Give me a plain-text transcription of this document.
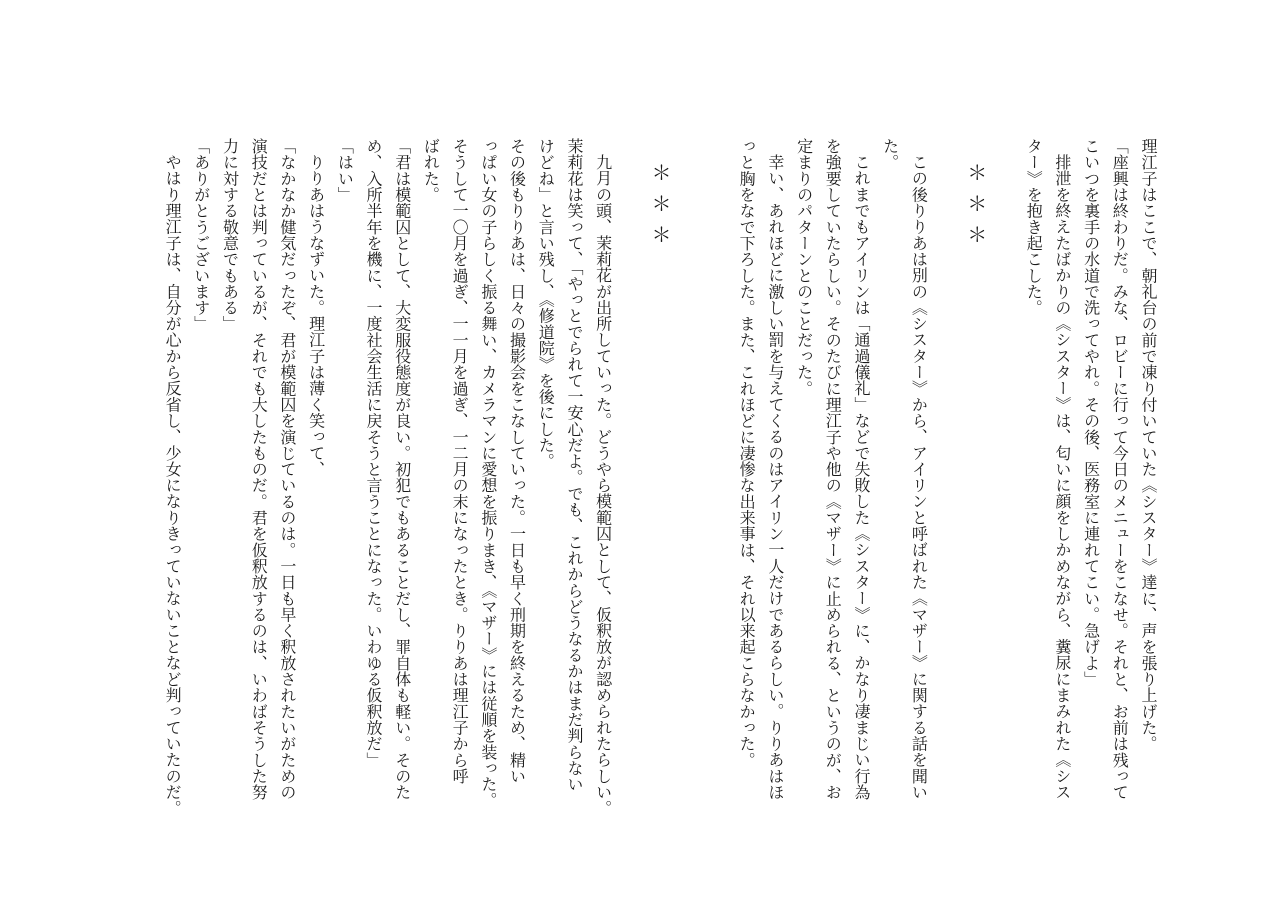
理江子はここで、朝礼台の前で凍り付いていた《シスター》達に、声を張り上げた。
「座興は終わりだ。みな、ロビーに行って今日のメニューをこなせ。それと、お前は残って
こいつを裏手の水道で洗ってやれ。その後、医務室に連れてこい。急げよ」
排泄を終えたばかりの《シスター》は、匂いに顔をしかめながら、糞尿にまみれた《シス
ター》を抱き起こした。

＊＊＊

この後りりあは別の《シスター》から、アイリンと呼ばれた《マザー》に関する話を聞い
た。
これまでもアイリンは「通過儀礼」などで失敗した《シスター》に、かなり凄まじい行為
を強要していたらしい。そのたびに理江子や他の《マザー》に止められる、というのが、お
定まりのパターンとのことだった。
幸い、あれほどに激しい罰を与えてくるのはアイリン一人だけであるらしい。りりあはほ
っと胸をなで下ろした。また、これほどに凄惨な出来事は、それ以来起こらなかった。

＊＊＊

九月の頭、茉莉花が出所していった。どうやら模範囚として、仮釈放が認められたらしい。
茉莉花は笑って、「やっとでられて一安心だよ。でも、これからどうなるかはまだ判らない
けどね」と言い残し、《修道院》を後にした。
その後もりりあは、日々の撮影会をこなしていった。一日も早く刑期を終えるため、精い
っぱい女の子らしく振る舞い、カメラマンに愛想を振りまき、《マザー》には従順を装った。
そうして一〇月を過ぎ、一一月を過ぎ、一二月の末になったとき。りりあは理江子から呼
ばれた。
「君は模範囚として、大変服役態度が良い。初犯でもあることだし、罪自体も軽い。そのた
め、入所半年を機に、一度社会生活に戻そうと言うことになった。いわゆる仮釈放だ」
「はい」
りりあはうなずいた。理江子は薄く笑って、
「なかなか健気だったぞ、君が模範囚を演じているのは。一日も早く釈放されたいがための
演技だとは判っているが、それでも大したものだ。君を仮釈放するのは、いわばそうした努
力に対する敬意でもある」
「ありがとうございます」
やはり理江子は、自分が心から反省し、少女になりきっていないことなど判っていたのだ。
